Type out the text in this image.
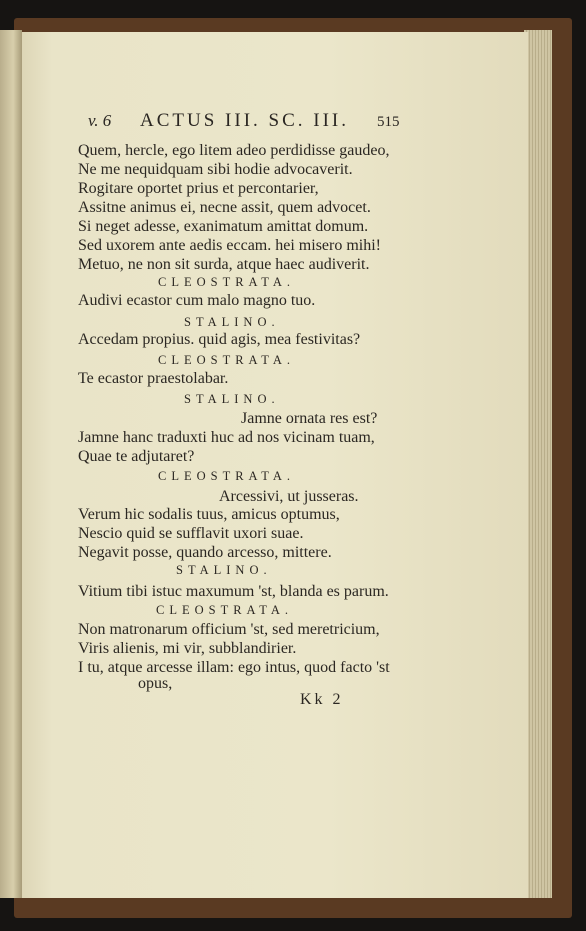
v. 6 ACTUS III. SC. III. 515
Quem, hercle, ego litem adeo perdidisse gaudeo,
Ne me nequidquam sibi hodie advocaverit.
Rogitare oportet prius et percontarier,
Assitne animus ei, necne assit, quem advocet.
Si neget adesse, exanimatum amittat domum.
Sed uxorem ante aedis eccam. hei misero mihi!
Metuo, ne non sit surda, atque haec audiverit.
CLEOSTRATA.
Audivi ecastor cum malo magno tuo.
STALINO.
Accedam propius. quid agis, mea festivitas?
CLEOSTRATA.
Te ecastor praestolabar.
STALINO.
Jamne ornata res est?
Jamne hanc traduxti huc ad nos vicinam tuam,
Quae te adjutaret?
CLEOSTRATA.
Arcessivi, ut jusseras.
Verum hic sodalis tuus, amicus optumus,
Nescio quid se sufflavit uxori suae.
Negavit posse, quando arcesso, mittere.
STALINO.
Vitium tibi istuc maxumum 'st, blanda es parum.
CLEOSTRATA.
Non matronarum officium 'st, sed meretricium,
Viris alienis, mi vir, subblandirier.
I tu, atque arcesse illam: ego intus, quod facto 'st
opus,
Kk 2
